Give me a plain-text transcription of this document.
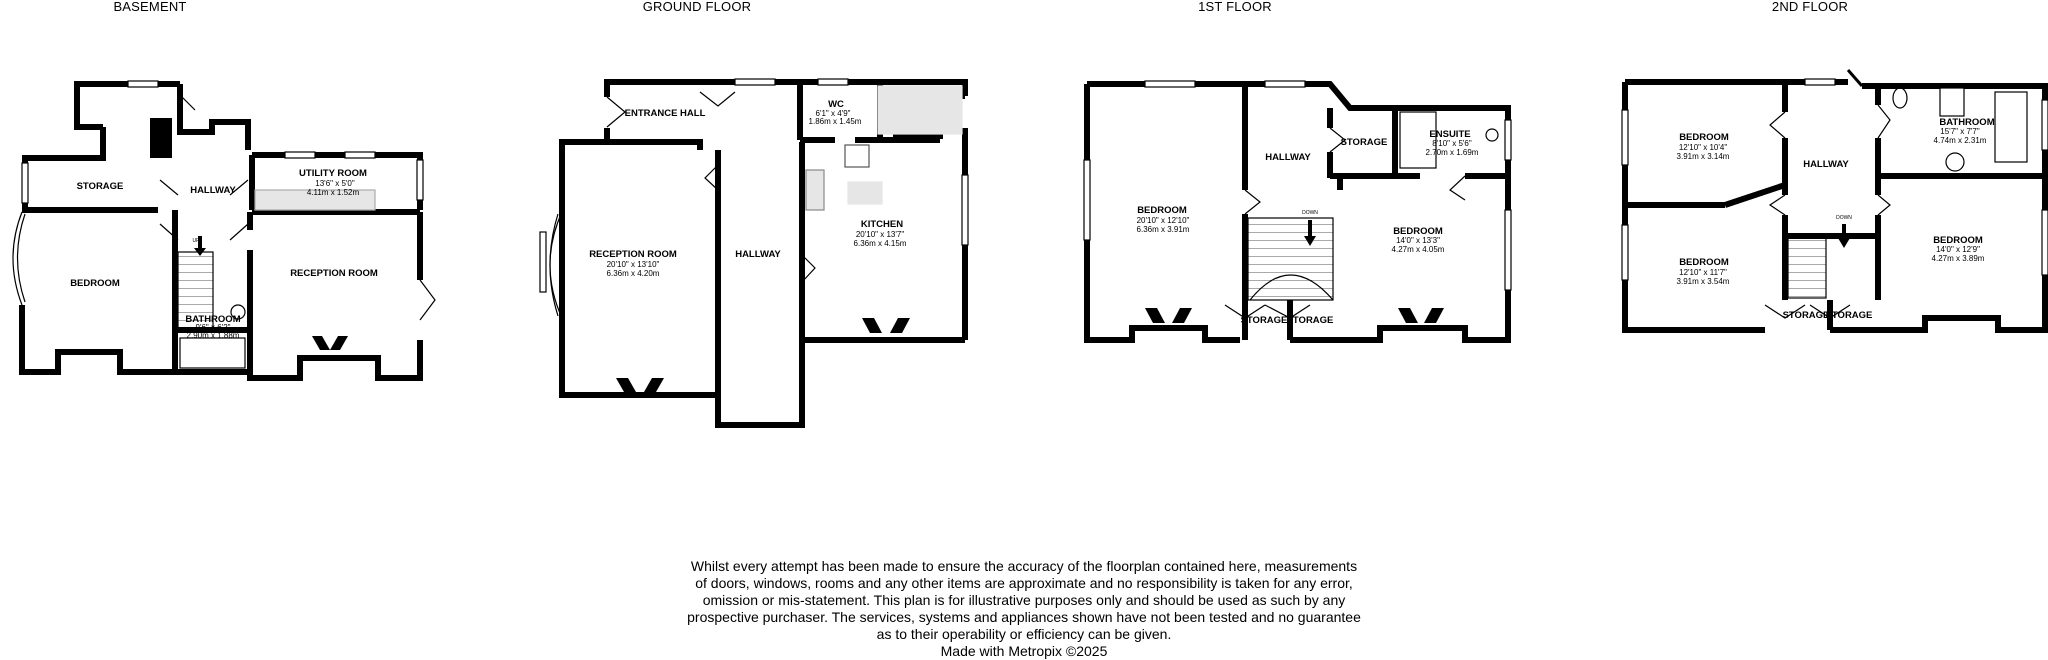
BASEMENT	GROUND FLOOR	1ST FLOOR	2ND FLOOR
STORAGE	HALLWAY
UTILITY ROOM
13'6" x 5'0"
4.11m x 1.52m
BEDROOM
RECEPTION ROOM
BATHROOM
9'6" x 6'2"
2.90m x 1.88m
UP
ENTRANCE HALL
WC
6'1" x 4'9"
1.86m x 1.45m
RECEPTION ROOM
20'10" x 13'10"
6.36m x 4.20m
HALLWAY
KITCHEN
20'10" x 13'7"
6.36m x 4.15m
BEDROOM
20'10" x 12'10"
6.36m x 3.91m
HALLWAY
STORAGE
ENSUITE
8'10" x 5'6"
2.70m x 1.69m
BEDROOM
14'0" x 13'3"
4.27m x 4.05m
STORAGE STORAGE
DOWN
BEDROOM
12'10" x 10'4"
3.91m x 3.14m
HALLWAY
BATHROOM
15'7" x 7'7"
4.74m x 2.31m
BEDROOM
12'10" x 11'7"
3.91m x 3.54m
BEDROOM
14'0" x 12'9"
4.27m x 3.89m
STORAGE
STORAGE
DOWN
Whilst every attempt has been made to ensure the accuracy of the floorplan contained here, measurements
of doors, windows, rooms and any other items are approximate and no responsibility is taken for any error,
omission or mis-statement. This plan is for illustrative purposes only and should be used as such by any
prospective purchaser. The services, systems and appliances shown have not been tested and no guarantee
as to their operability or efficiency can be given.
Made with Metropix ©2025
